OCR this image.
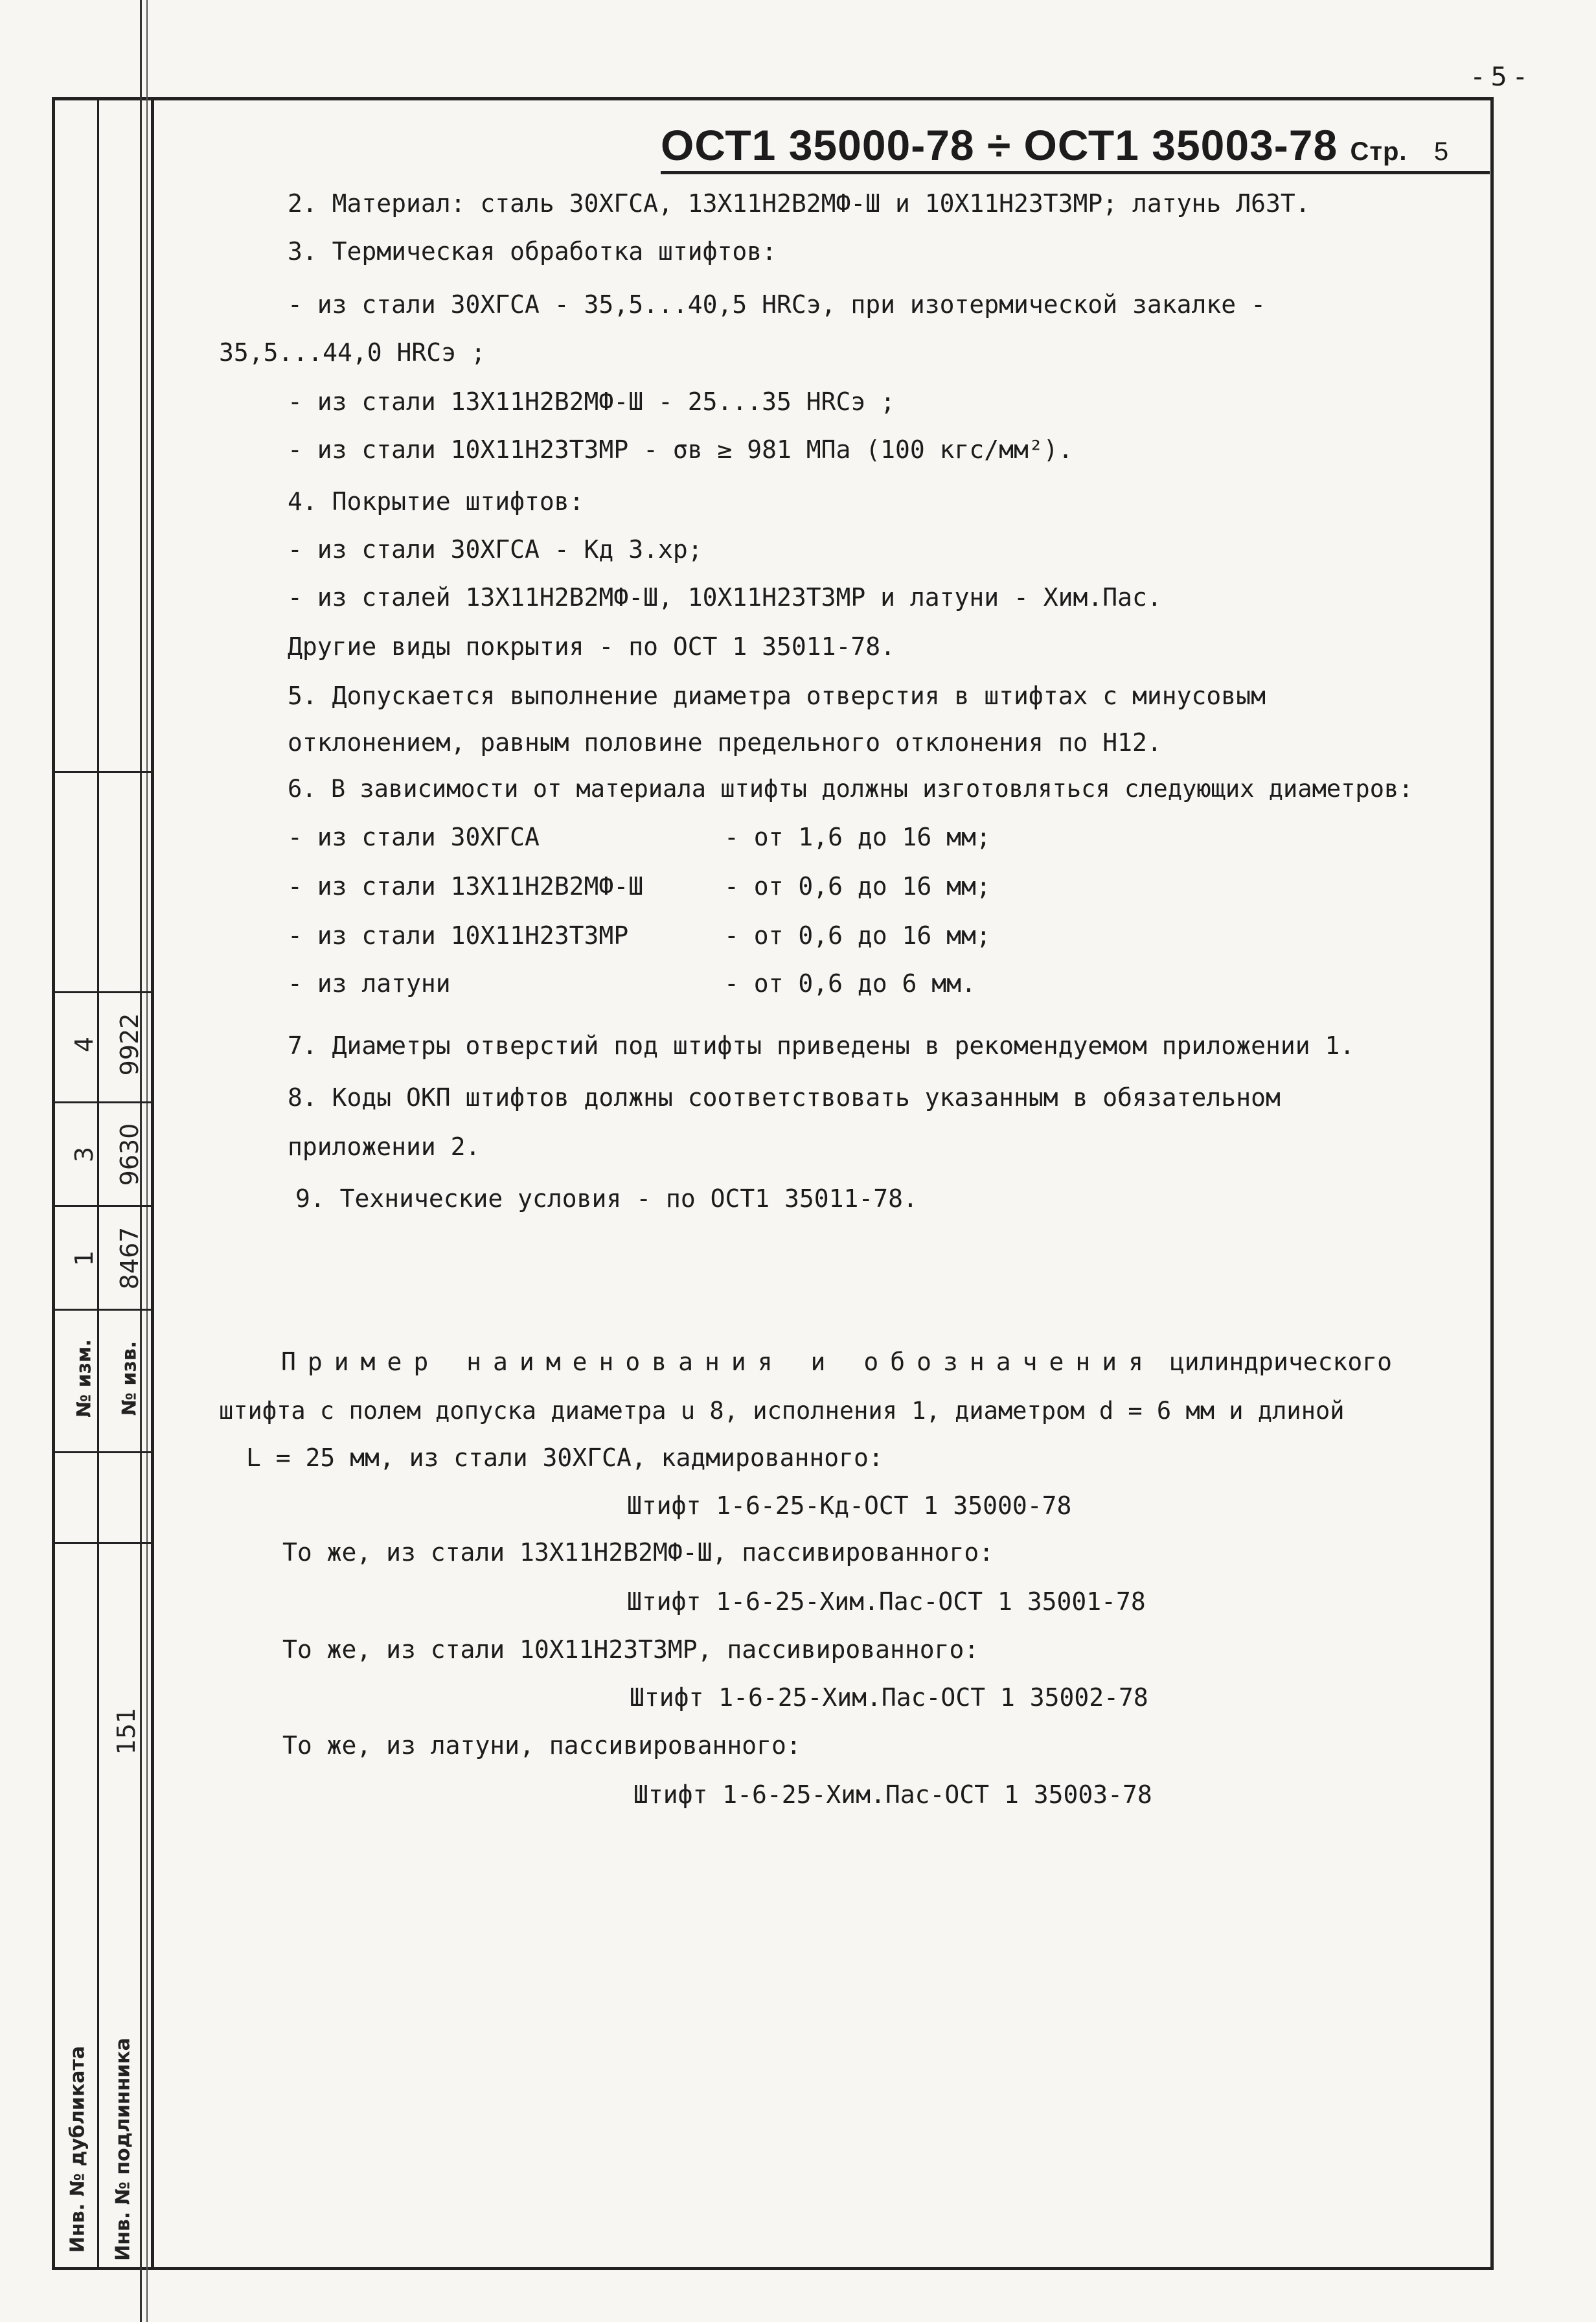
4 9922
3 9630
1 8467
№ изм. № изв.
151
Инв. № дубликата Инв. № подлинника
- 5 -
ОСТ1 35000-78 ÷ ОСТ1 35003-78 Стр. 5
2. Материал: сталь 30ХГСА, 13Х11Н2В2МФ-Ш и 10Х11Н23Т3МР; латунь Л63Т.
3. Термическая обработка штифтов:
- из стали 30ХГСА - 35,5...40,5 HRCэ, при изотермической закалке -
35,5...44,0 HRCэ ;
- из стали 13Х11Н2В2МФ-Ш - 25...35 HRCэ ;
- из стали 10Х11Н23Т3МР - σв ≥ 981 МПа (100 кгс/мм²).
4. Покрытие штифтов:
- из стали 30ХГСА - Кд 3.хр;
- из сталей 13Х11Н2В2МФ-Ш, 10Х11Н23Т3МР и латуни - Хим.Пас.
Другие виды покрытия - по ОСТ 1 35011-78.
5. Допускается выполнение диаметра отверстия в штифтах с минусовым
отклонением, равным половине предельного отклонения по Н12.
6. В зависимости от материала штифты должны изготовляться следующих диаметров:
- из стали 30ХГСА	- от 1,6 до 16 мм;
- из стали 13Х11Н2В2МФ-Ш	- от 0,6 до 16 мм;
- из стали 10Х11Н23Т3МР	- от 0,6 до 16 мм;
- из латуни	- от 0,6 до 6 мм.
7. Диаметры отверстий под штифты приведены в рекомендуемом приложении 1.
8. Коды ОКП штифтов должны соответствовать указанным в обязательном
приложении 2.
9. Технические условия - по ОСТ1 35011-78.
Пример наименования и обозначения цилиндрического
штифта с полем допуска диаметра u 8, исполнения 1, диаметром d = 6 мм и длиной
L = 25 мм, из стали 30ХГСА, кадмированного:
Штифт 1-6-25-Кд-ОСТ 1 35000-78
То же, из стали 13Х11Н2В2МФ-Ш, пассивированного:
Штифт 1-6-25-Хим.Пас-ОСТ 1 35001-78
То же, из стали 10Х11Н23Т3МР, пассивированного:
Штифт 1-6-25-Хим.Пас-ОСТ 1 35002-78
То же, из латуни, пассивированного:
Штифт 1-6-25-Хим.Пас-ОСТ 1 35003-78
